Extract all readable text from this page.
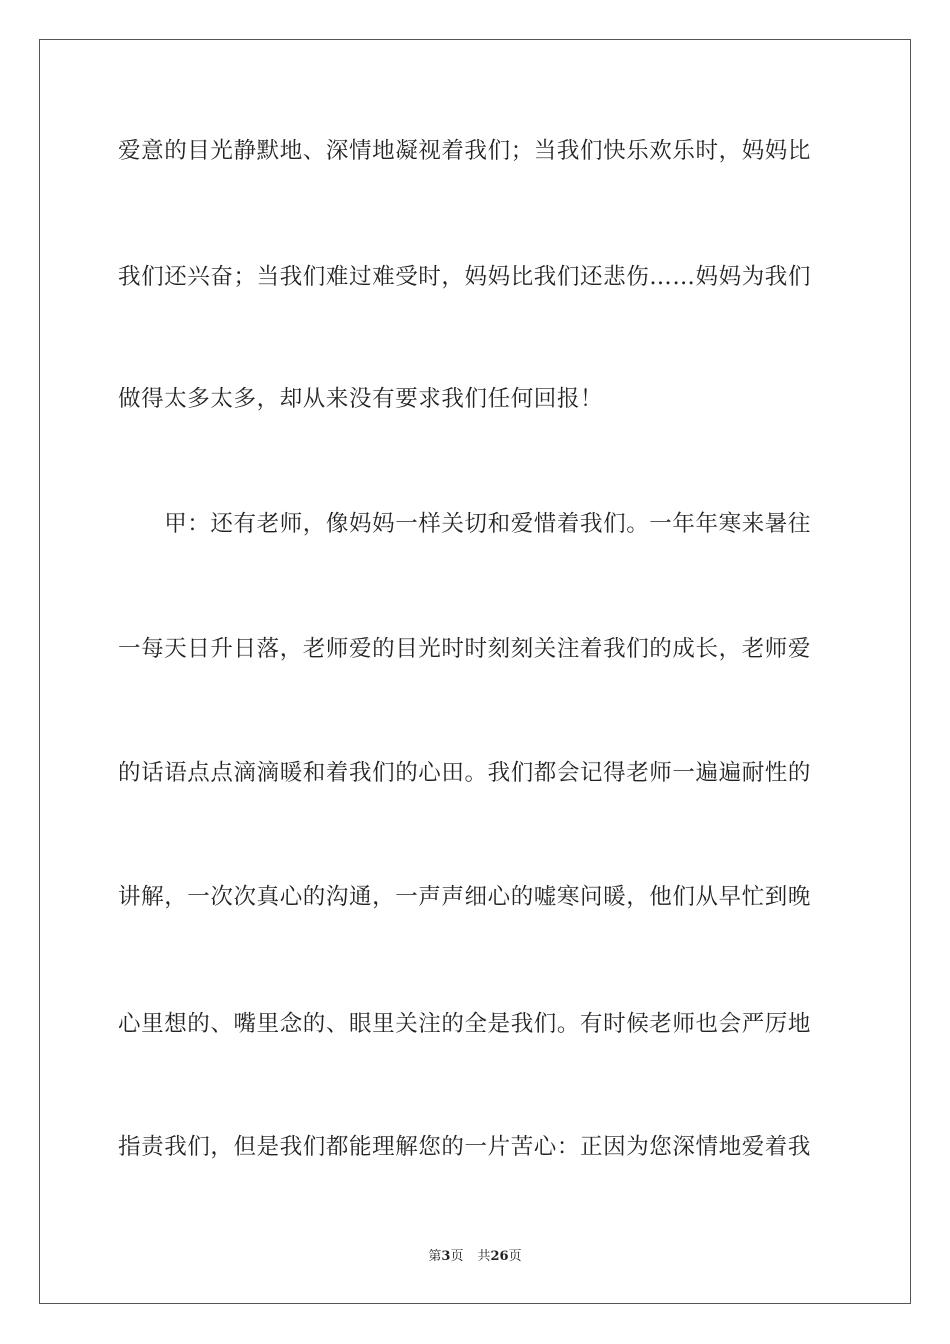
爱意的目光静默地、深情地凝视着我们；当我们快乐欢乐时，妈妈比
我们还兴奋；当我们难过难受时，妈妈比我们还悲伤……妈妈为我们
做得太多太多，却从来没有要求我们任何回报！
　　甲：还有老师，像妈妈一样关切和爱惜着我们。一年年寒来暑往
一每天日升日落，老师爱的目光时时刻刻关注着我们的成长，老师爱
的话语点点滴滴暖和着我们的心田。我们都会记得老师一遍遍耐性的
讲解，一次次真心的沟通，一声声细心的嘘寒问暖，他们从早忙到晚
心里想的、嘴里念的、眼里关注的全是我们。有时候老师也会严厉地
指责我们，但是我们都能理解您的一片苦心：正因为您深情地爱着我
第3页 共26页
